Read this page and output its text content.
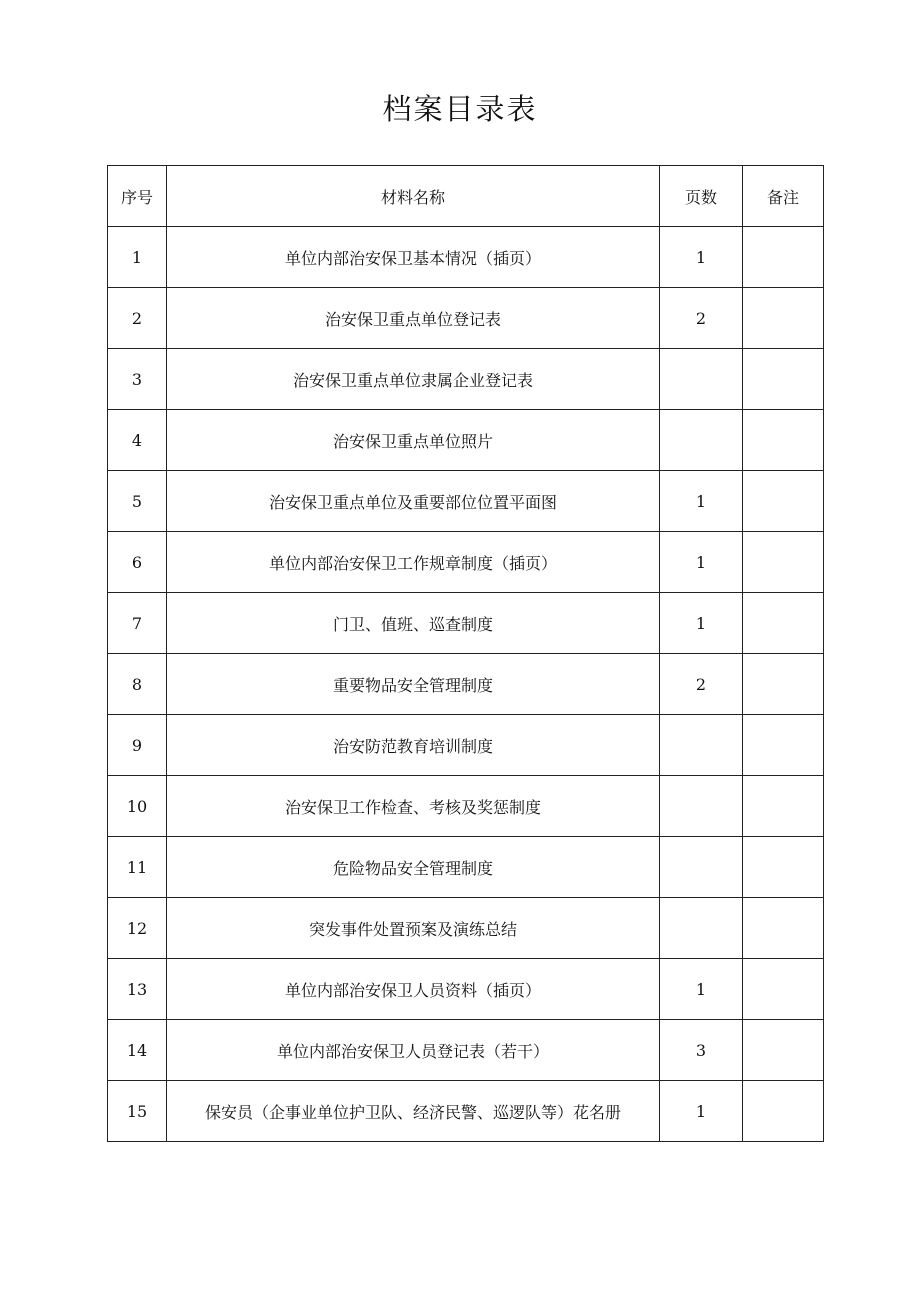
档案目录表
序号	材料名称	页数	备注
1	单位内部治安保卫基本情况（插页）	1	
2	治安保卫重点单位登记表	2	
3	治安保卫重点单位隶属企业登记表		
4	治安保卫重点单位照片		
5	治安保卫重点单位及重要部位位置平面图	1	
6	单位内部治安保卫工作规章制度（插页）	1	
7	门卫、值班、巡查制度	1	
8	重要物品安全管理制度	2	
9	治安防范教育培训制度		
10	治安保卫工作检查、考核及奖惩制度		
11	危险物品安全管理制度		
12	突发事件处置预案及演练总结		
13	单位内部治安保卫人员资料（插页）	1	
14	单位内部治安保卫人员登记表（若干）	3	
15	保安员（企事业单位护卫队、经济民警、巡逻队等）花名册	1	
